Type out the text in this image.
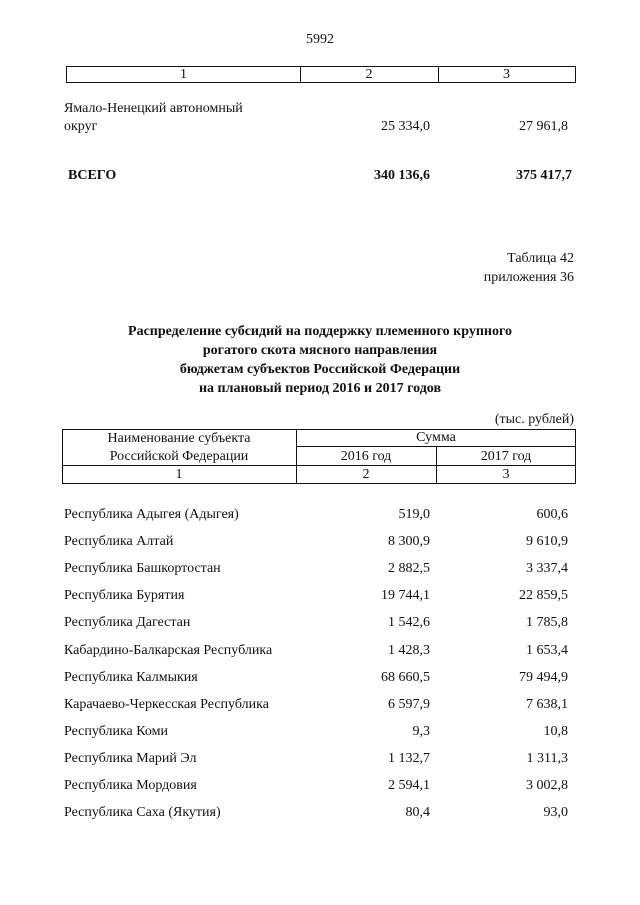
5992
1	2	3
Ямало-Ненецкий автономный
округ	25 334,0	27 961,8
ВСЕГО	340 136,6	375 417,7
Таблица 42
приложения 36
Распределение субсидий на поддержку племенного крупного
рогатого скота мясного направления
бюджетам субъектов Российской Федерации
на плановый период 2016 и 2017 годов
(тыс. рублей)
Наименование субъекта
Российской Федерации
Сумма
2016 год	2017 год
1	2	3
Республика Адыгея (Адыгея)	519,0	600,6
Республика Алтай	8 300,9	9 610,9
Республика Башкортостан	2 882,5	3 337,4
Республика Бурятия	19 744,1	22 859,5
Республика Дагестан	1 542,6	1 785,8
Кабардино-Балкарская Республика	1 428,3	1 653,4
Республика Калмыкия	68 660,5	79 494,9
Карачаево-Черкесская Республика	6 597,9	7 638,1
Республика Коми	9,3	10,8
Республика Марий Эл	1 132,7	1 311,3
Республика Мордовия	2 594,1	3 002,8
Республика Саха (Якутия)	80,4	93,0
